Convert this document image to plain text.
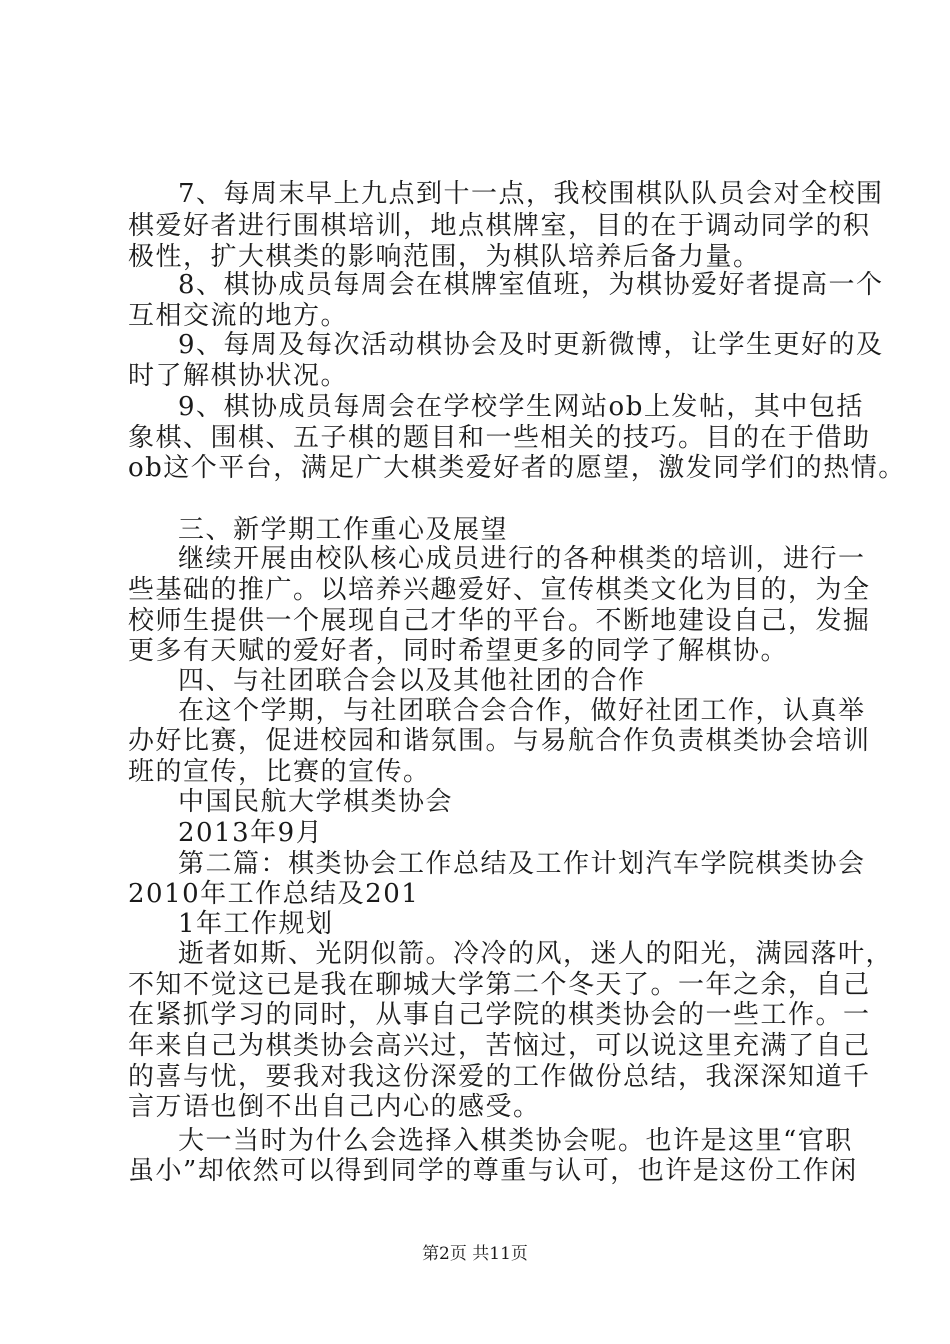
7、每周末早上九点到十一点，我校围棋队队员会对全校围
棋爱好者进行围棋培训，地点棋牌室，目的在于调动同学的积
极性，扩大棋类的影响范围，为棋队培养后备力量。
8、棋协成员每周会在棋牌室值班，为棋协爱好者提高一个
互相交流的地方。
9、每周及每次活动棋协会及时更新微博，让学生更好的及
时了解棋协状况。
9、棋协成员每周会在学校学生网站ob上发帖，其中包括
象棋、围棋、五子棋的题目和一些相关的技巧。目的在于借助
ob这个平台，满足广大棋类爱好者的愿望，激发同学们的热情。
三、新学期工作重心及展望
继续开展由校队核心成员进行的各种棋类的培训，进行一
些基础的推广。以培养兴趣爱好、宣传棋类文化为目的，为全
校师生提供一个展现自己才华的平台。不断地建设自己，发掘
更多有天赋的爱好者，同时希望更多的同学了解棋协。
四、与社团联合会以及其他社团的合作
在这个学期，与社团联合会合作，做好社团工作，认真举
办好比赛，促进校园和谐氛围。与易航合作负责棋类协会培训
班的宣传，比赛的宣传。
中国民航大学棋类协会
2013年9月
第二篇：棋类协会工作总结及工作计划汽车学院棋类协会
2010年工作总结及201
1年工作规划
逝者如斯、光阴似箭。冷冷的风，迷人的阳光，满园落叶，
不知不觉这已是我在聊城大学第二个冬天了。一年之余，自己
在紧抓学习的同时，从事自己学院的棋类协会的一些工作。一
年来自己为棋类协会高兴过，苦恼过，可以说这里充满了自己
的喜与忧，要我对我这份深爱的工作做份总结，我深深知道千
言万语也倒不出自己内心的感受。
大一当时为什么会选择入棋类协会呢。也许是这里“官职
虽小”却依然可以得到同学的尊重与认可，也许是这份工作闲
第2页 共11页
